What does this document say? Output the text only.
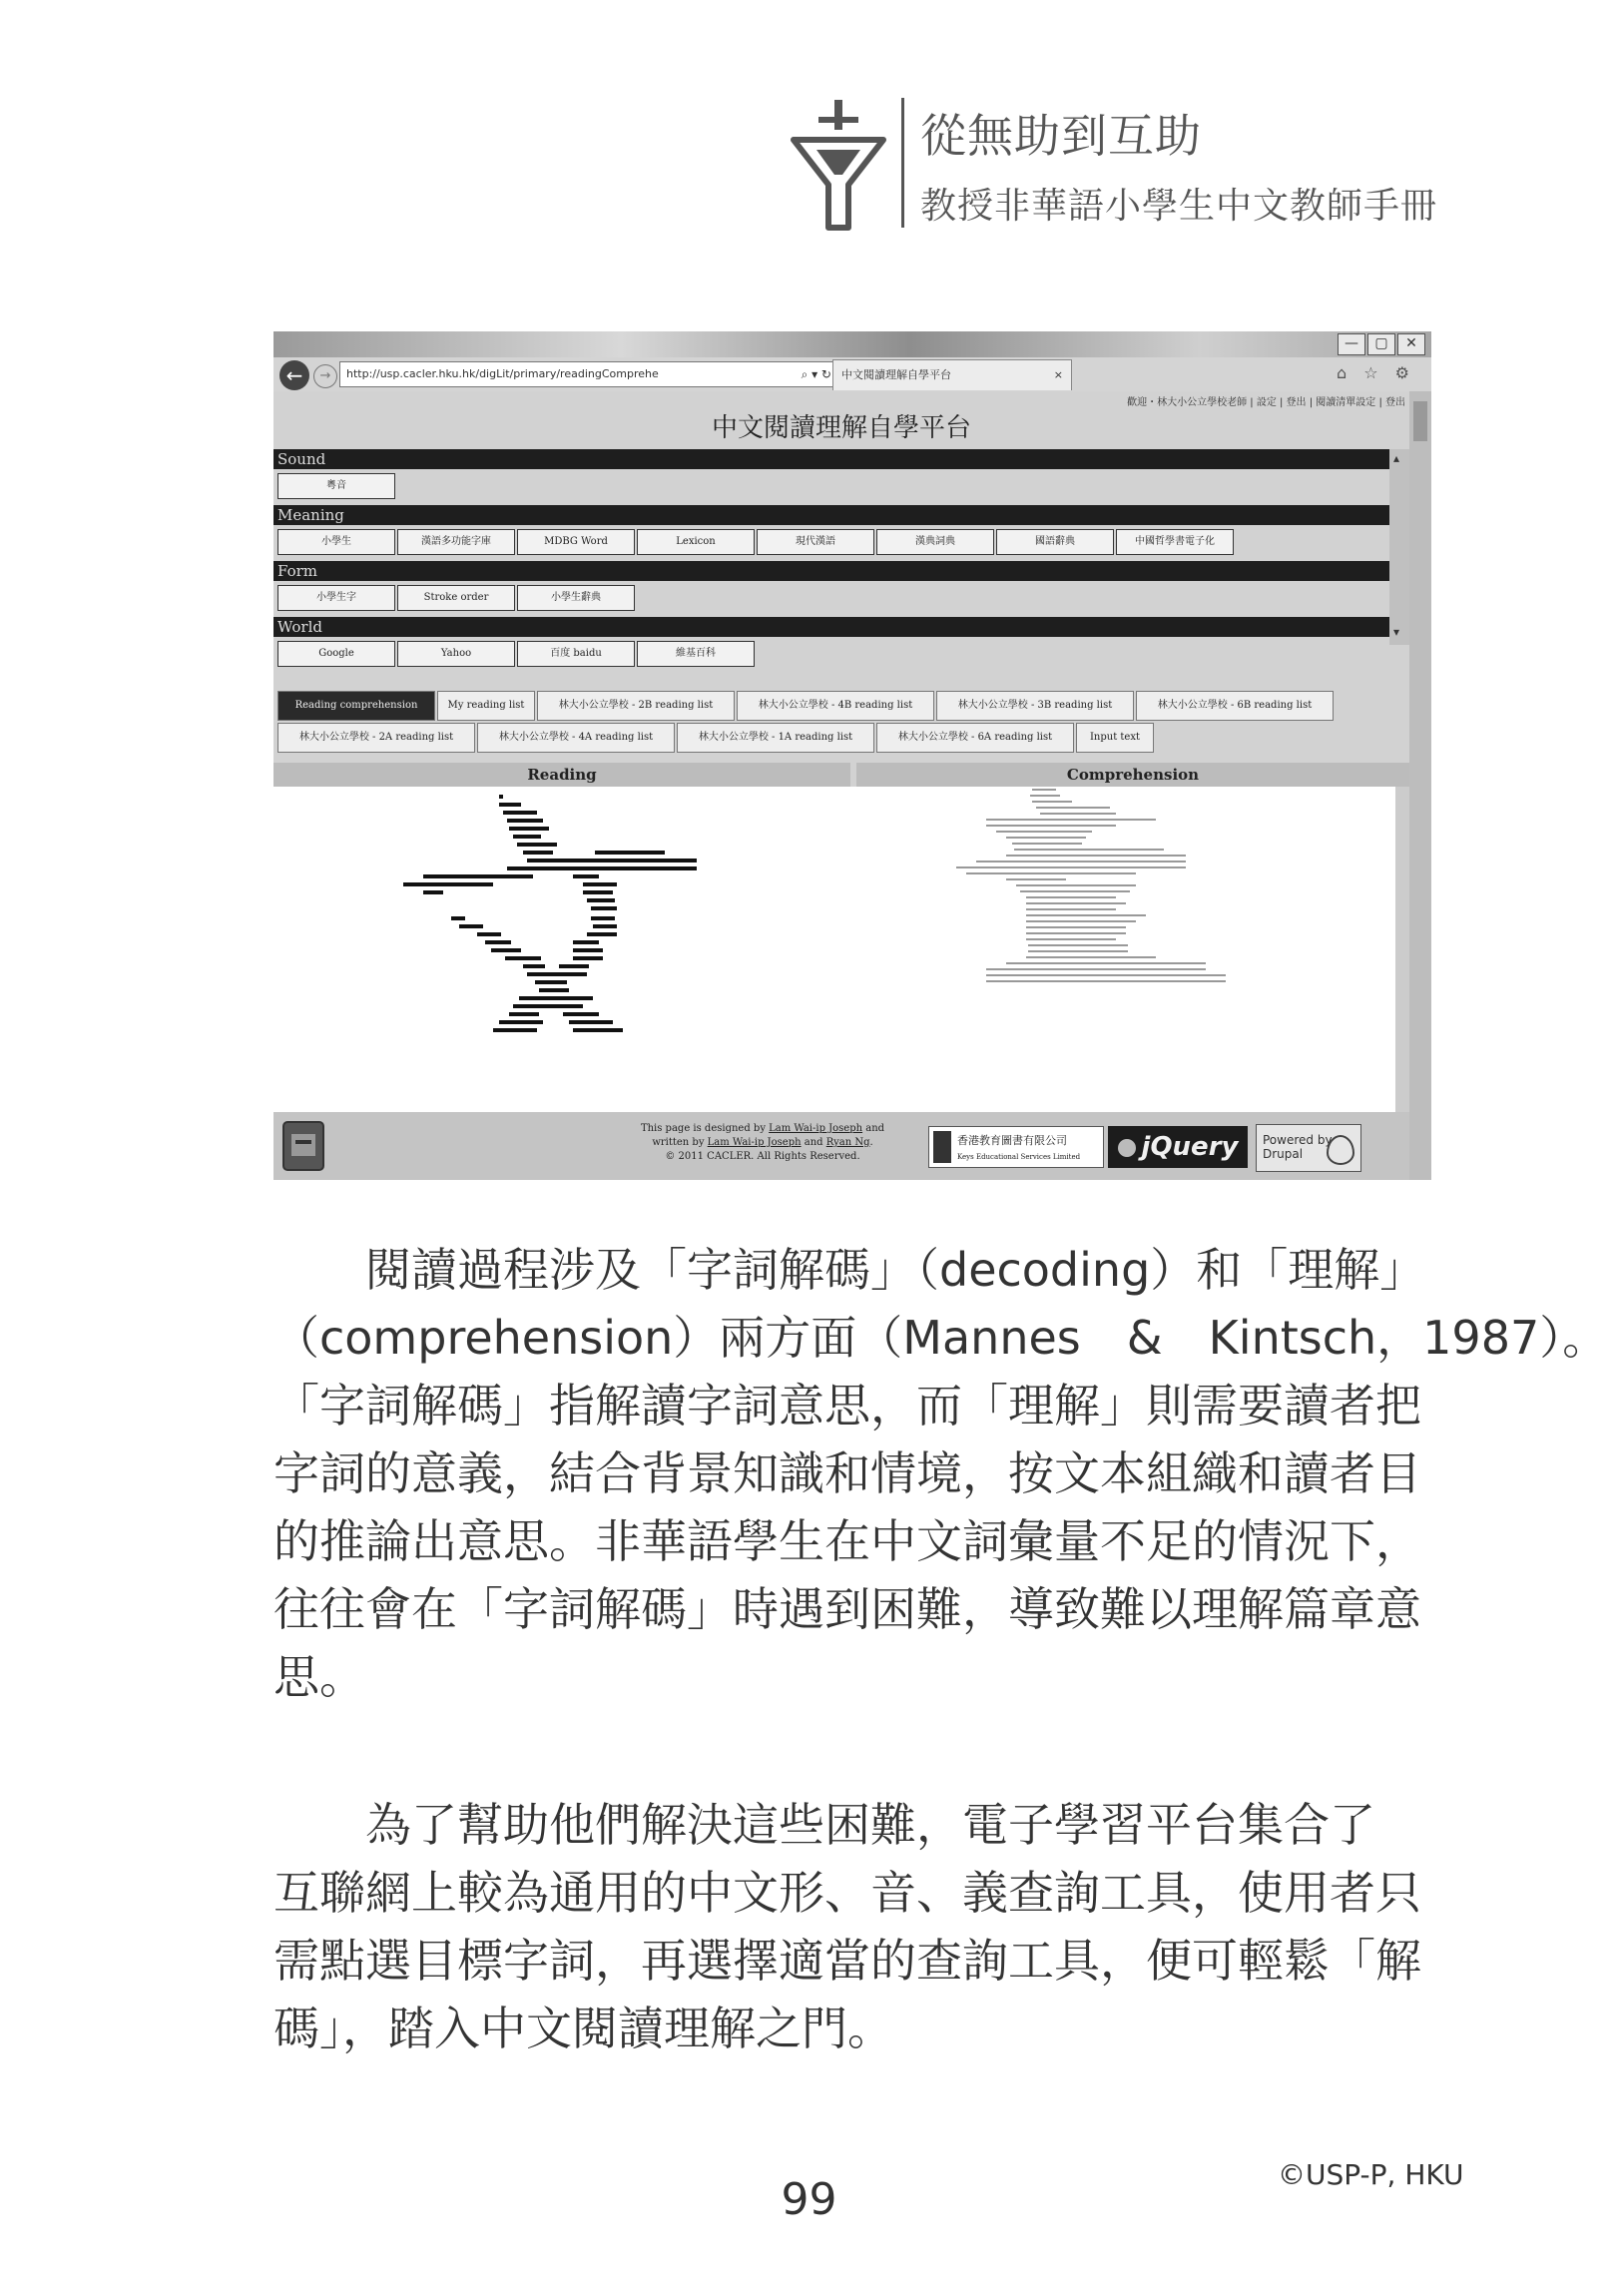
從無助到互助
教授非華語小學生中文教師手冊
—	▢	✕
←	→	http://usp.cacler.hku.hk/digLit/primary/readingComprehe	⌕ ▾ ↻ 中文閱讀理解自學平台	×	⌂ ☆ ⚙
歡迎・林大小公立學校老師 | 設定 | 登出 | 閱讀清單設定 | 登出
中文閱讀理解自學平台
Sound
粵音
Meaning
小學生	漢語多功能字庫	MDBG Word	Lexicon	現代漢語	漢典詞典	國語辭典	中國哲學書電子化
Form
小學生字	Stroke order	小學生辭典
World
Google	Yahoo	百度 baidu	維基百科
▴
▾
Reading comprehension	My reading list	林大小公立學校 - 2B reading list	林大小公立學校 - 4B reading list	林大小公立學校 - 3B reading list	林大小公立學校 - 6B reading list
林大小公立學校 - 2A reading list	林大小公立學校 - 4A reading list	林大小公立學校 - 1A reading list	林大小公立學校 - 6A reading list	Input text
Reading	Comprehension
This page is designed by Lam Wai-ip Joseph and
written by Lam Wai-ip Joseph and Ryan Ng.
© 2011 CACLER. All Rights Reserved.
香港教育圖書有限公司
Keys Educational Services Limited	jQuery	Powered by
Drupal

　　閱讀過程涉及「字詞解碼」（decoding）和「理解」
（comprehension）兩方面（Mannes　&　Kintsch，1987）。
「字詞解碼」指解讀字詞意思，而「理解」則需要讀者把
字詞的意義，結合背景知識和情境，按文本組織和讀者目
的推論出意思。非華語學生在中文詞彙量不足的情況下，
往往會在「字詞解碼」時遇到困難，導致難以理解篇章意
思。

　　為了幫助他們解決這些困難，電子學習平台集合了
互聯網上較為通用的中文形、音、義查詢工具，使用者只
需點選目標字詞，再選擇適當的查詢工具，便可輕鬆「解
碼」，踏入中文閱讀理解之門。

©USP-P, HKU
99
